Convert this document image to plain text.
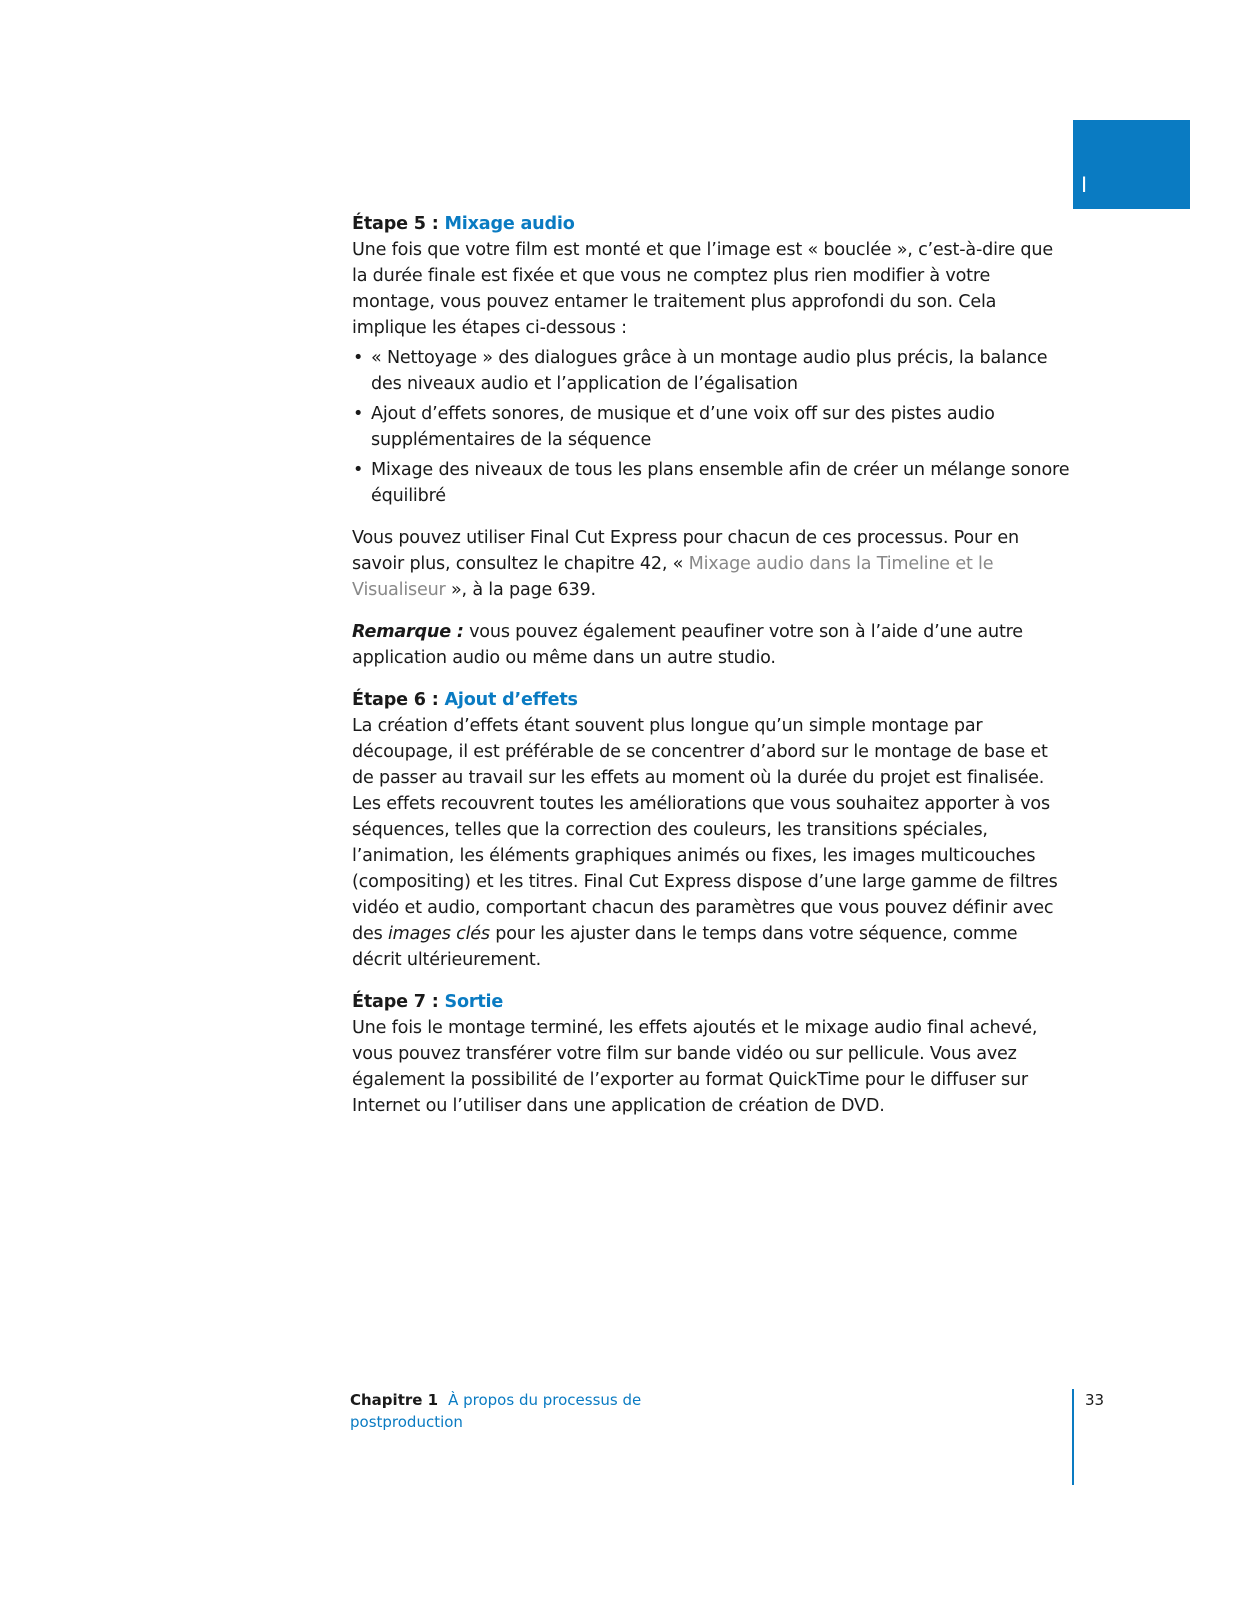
I

Étape 5 : Mixage audio

Une fois que votre film est monté et que l’image est « bouclée », c’est-à-dire que la durée finale est fixée et que vous ne comptez plus rien modifier à votre montage, vous pouvez entamer le traitement plus approfondi du son. Cela implique les étapes ci-dessous :

• « Nettoyage » des dialogues grâce à un montage audio plus précis, la balance des niveaux audio et l’application de l’égalisation
• Ajout d’effets sonores, de musique et d’une voix off sur des pistes audio supplémentaires de la séquence
• Mixage des niveaux de tous les plans ensemble afin de créer un mélange sonore équilibré

Vous pouvez utiliser Final Cut Express pour chacun de ces processus. Pour en savoir plus, consultez le chapitre 42, « Mixage audio dans la Timeline et le Visualiseur », à la page 639.

Remarque : vous pouvez également peaufiner votre son à l’aide d’une autre application audio ou même dans un autre studio.

Étape 6 : Ajout d’effets

La création d’effets étant souvent plus longue qu’un simple montage par découpage, il est préférable de se concentrer d’abord sur le montage de base et de passer au travail sur les effets au moment où la durée du projet est finalisée. Les effets recouvrent toutes les améliorations que vous souhaitez apporter à vos séquences, telles que la correction des couleurs, les transitions spéciales, l’animation, les éléments graphiques animés ou fixes, les images multicouches (compositing) et les titres. Final Cut Express dispose d’une large gamme de filtres vidéo et audio, comportant chacun des paramètres que vous pouvez définir avec des images clés pour les ajuster dans le temps dans votre séquence, comme décrit ultérieurement.

Étape 7 : Sortie

Une fois le montage terminé, les effets ajoutés et le mixage audio final achevé, vous pouvez transférer votre film sur bande vidéo ou sur pellicule. Vous avez également la possibilité de l’exporter au format QuickTime pour le diffuser sur Internet ou l’utiliser dans une application de création de DVD.

Chapitre 1 À propos du processus de postproduction
33
